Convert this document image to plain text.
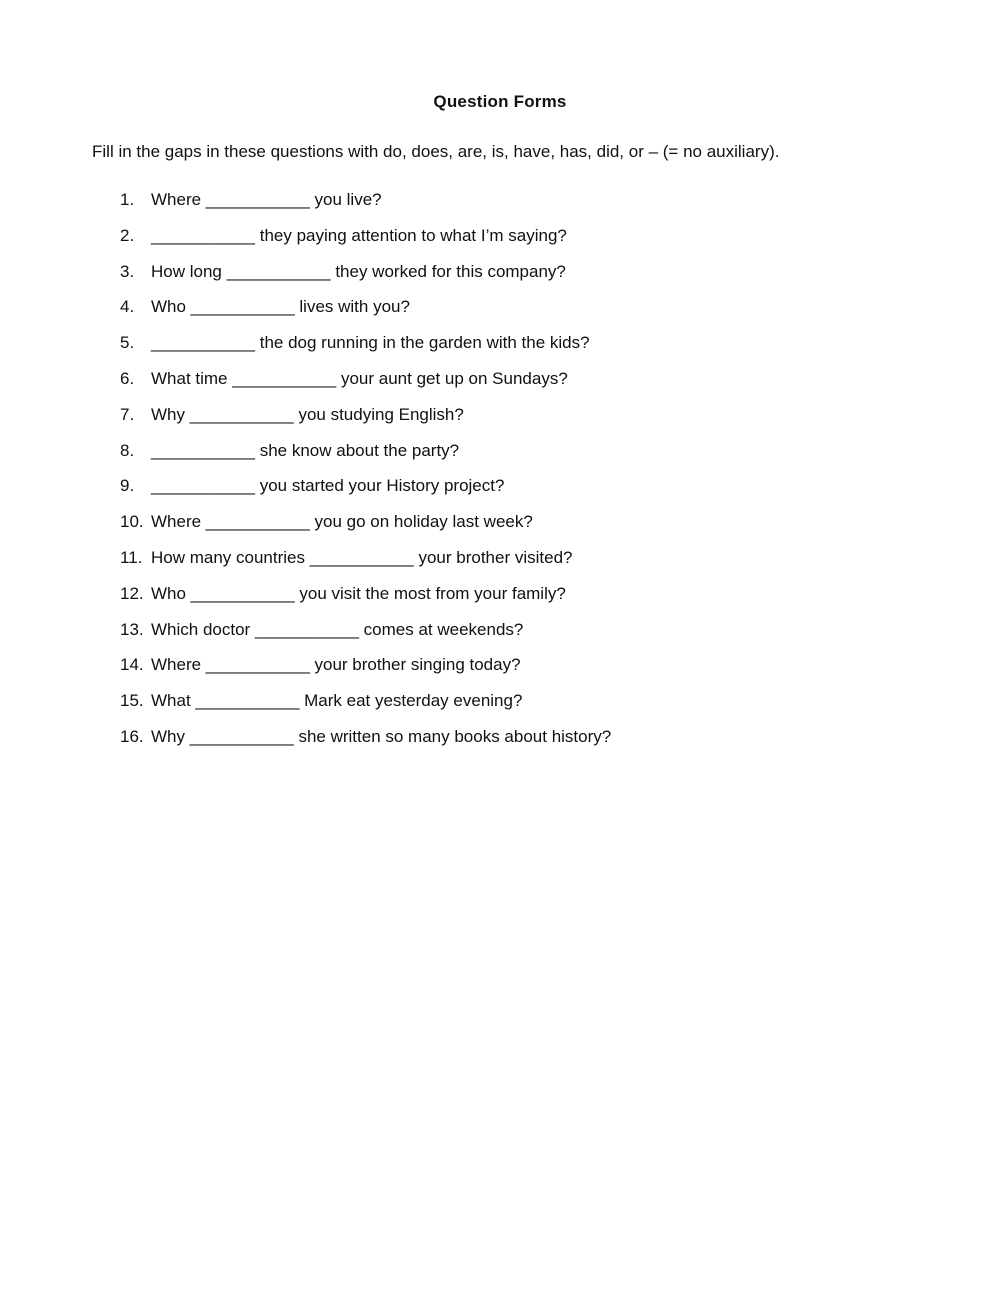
Question Forms
Fill in the gaps in these questions with do, does, are, is, have, has, did, or – (= no auxiliary).
1. Where ___________ you live?
2. ___________ they paying attention to what I’m saying?
3. How long ___________ they worked for this company?
4. Who ___________ lives with you?
5. ___________ the dog running in the garden with the kids?
6. What time ___________ your aunt get up on Sundays?
7. Why ___________ you studying English?
8. ___________ she know about the party?
9. ___________ you started your History project?
10. Where ___________ you go on holiday last week?
11. How many countries ___________ your brother visited?
12. Who ___________ you visit the most from your family?
13. Which doctor ___________ comes at weekends?
14. Where ___________ your brother singing today?
15. What ___________ Mark eat yesterday evening?
16. Why ___________ she written so many books about history?
